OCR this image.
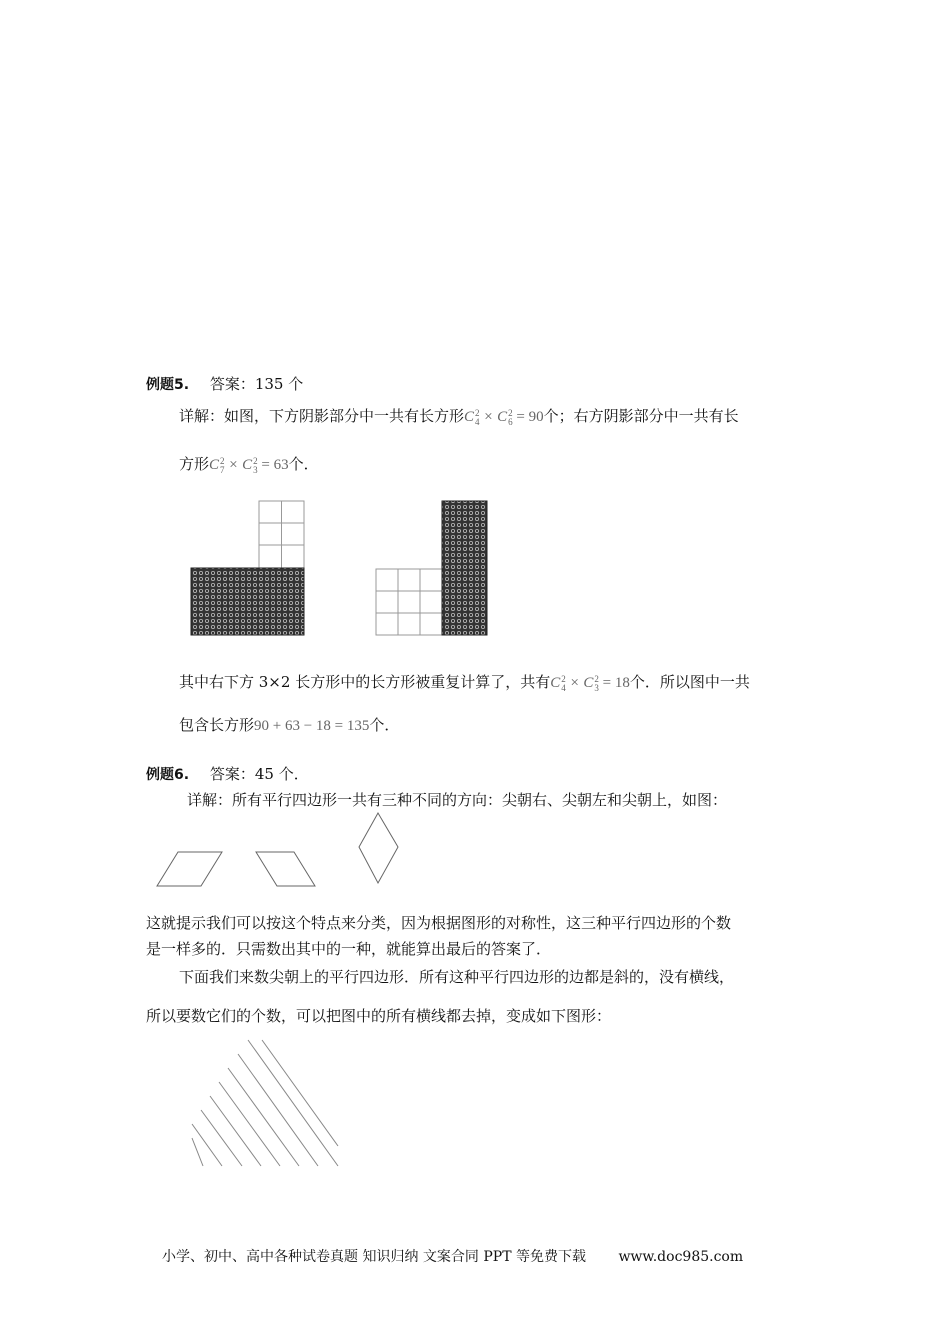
例题5. 答案：135 个
详解：如图，下方阴影部分中一共有长方形C 2
4 × C 2
6 = 90个；右方阴影部分中一共有长
方形C 2
7 × C 2
3 = 63个．
其中右下方 3×2 长方形中的长方形被重复计算了，共有C 2
4 × C 2
3 = 18个．所以图中一共
包含长方形90 + 63 − 18 = 135个．
例题6. 答案：45 个．
详解：所有平行四边形一共有三种不同的方向：尖朝右、尖朝左和尖朝上，如图：
这就提示我们可以按这个特点来分类，因为根据图形的对称性，这三种平行四边形的个数
是一样多的．只需数出其中的一种，就能算出最后的答案了．
下面我们来数尖朝上的平行四边形．所有这种平行四边形的边都是斜的，没有横线，
所以要数它们的个数，可以把图中的所有横线都去掉，变成如下图形：
小学、初中、高中各种试卷真题 知识归纳 文案合同 PPT 等免费下载 www.doc985.com
